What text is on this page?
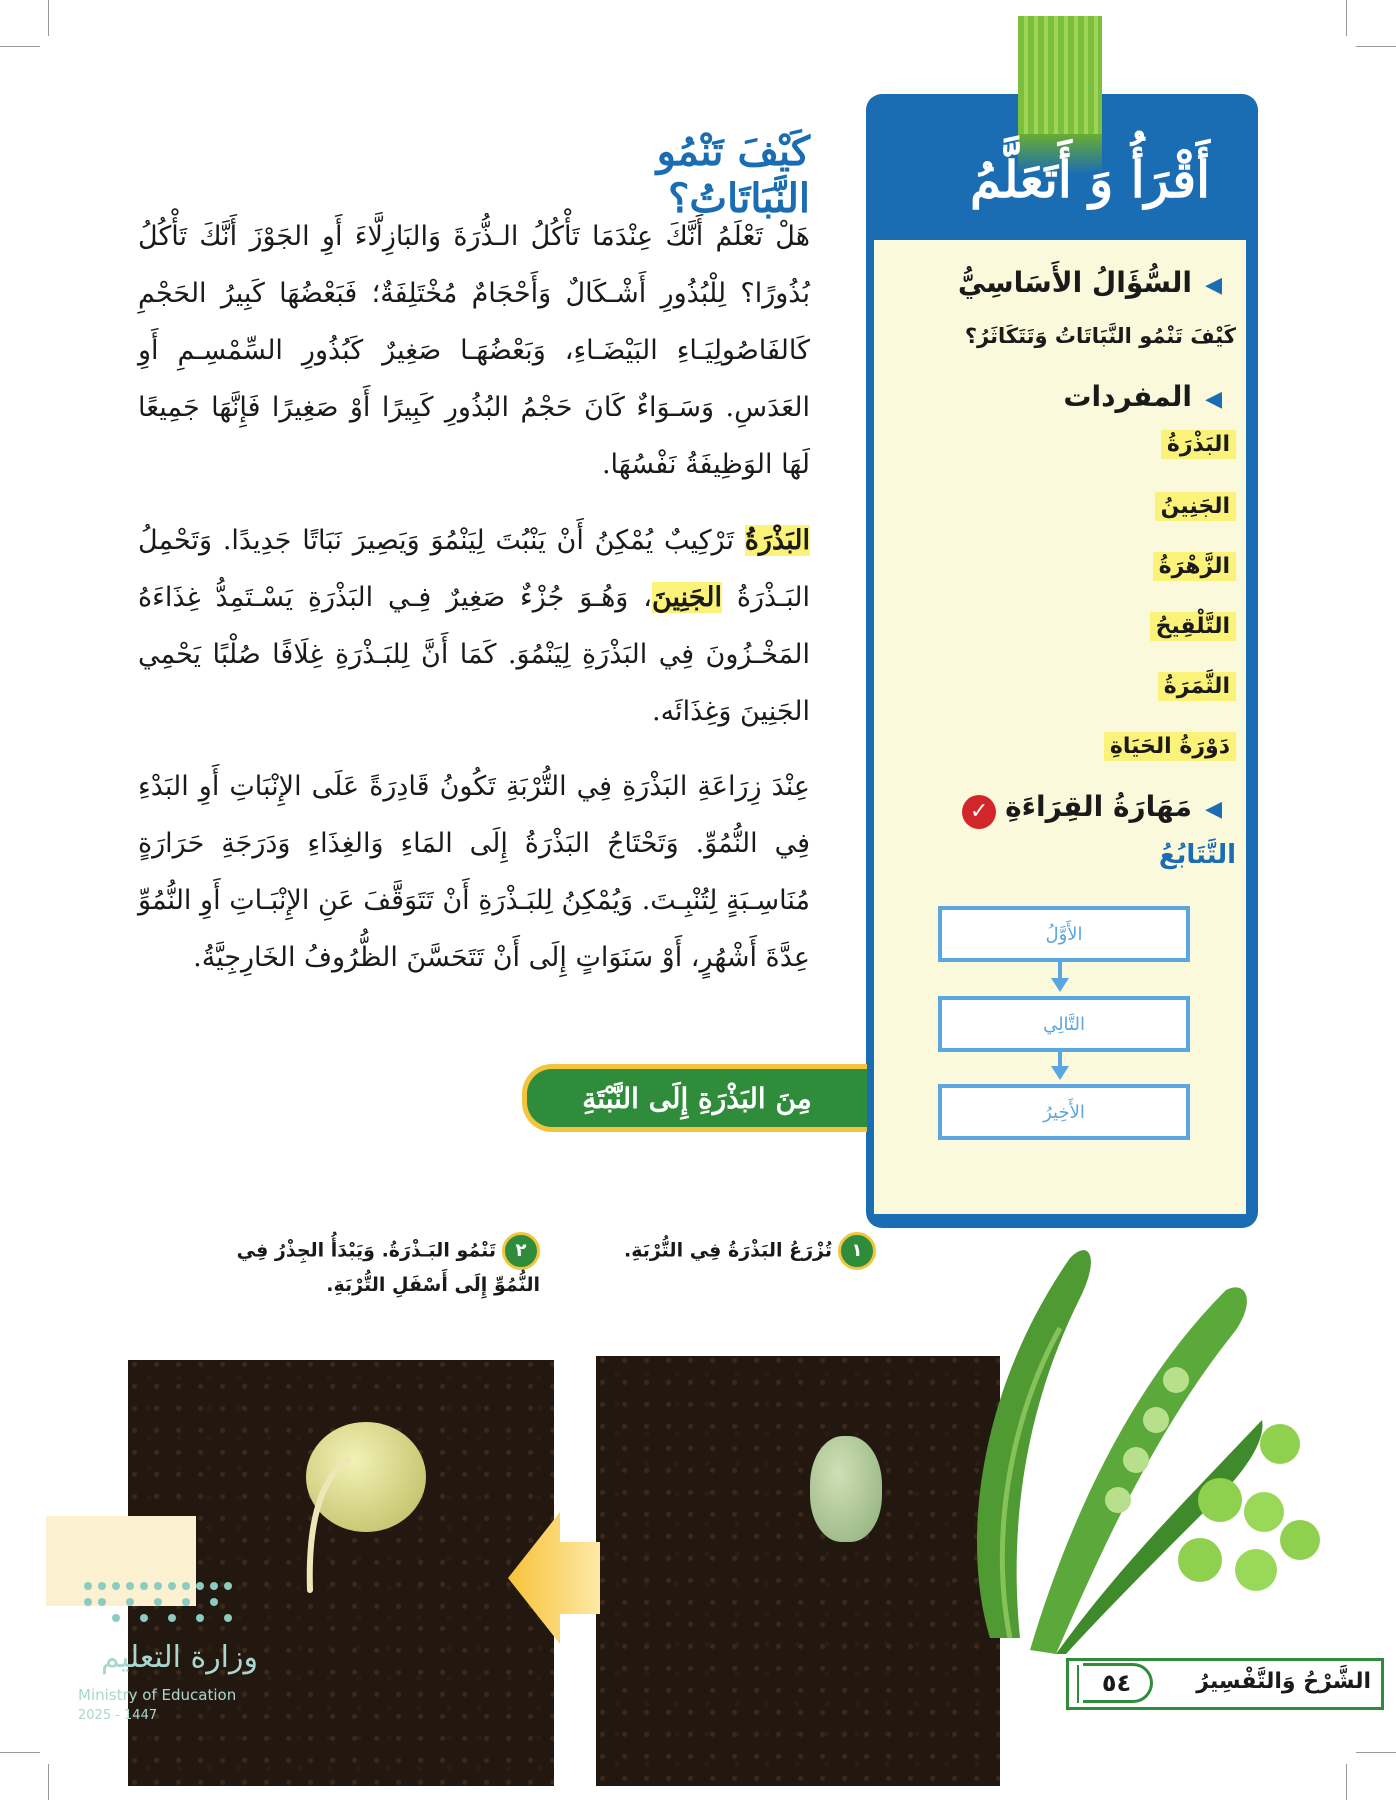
أَقْرَأُ وَ أَتَعَلَّمُ
◀ السُّؤَالُ الأَسَاسِيُّ
كَيْفَ تَنْمُو النَّبَاتَاتُ وَتَتَكَاثَرُ؟
◀ المفردات
البَذْرَةُ
الجَنِينُ
الزَّهْرَةُ
التَّلْقِيحُ
الثَّمَرَةُ
دَوْرَةُ الحَيَاةِ
◀ مَهَارَةُ القِرَاءَةِ ✓
التَّتَابُعُ
الأَوَّلُ
التَّالِي
الأَخِيرُ
كَيْفَ تَنْمُو النَّبَاتَاتُ؟
هَلْ تَعْلَمُ أَنَّكَ عِنْدَمَا تَأْكُلُ الـذُّرَةَ وَالبَازِلَّاءَ أَوِ الجَوْزَ أَنَّكَ تَأْكُلُ بُذُورًا؟ لِلْبُذُورِ أَشْـكَالٌ وَأَحْجَامٌ مُخْتَلِفَةٌ؛ فَبَعْضُهَا كَبِيرُ الحَجْمِ كَالفَاصُولِيَـاءِ البَيْضَـاءِ، وَبَعْضُهَـا صَغِيرٌ كَبُذُورِ السِّمْسِـمِ أَوِ العَدَسِ. وَسَـوَاءٌ كَانَ حَجْمُ البُذُورِ كَبِيرًا أَوْ صَغِيرًا فَإِنَّهَا جَمِيعًا لَهَا الوَظِيفَةُ نَفْسُهَا.
البَذْرَةُ تَرْكِيبٌ يُمْكِنُ أَنْ يَنْبُتَ لِيَنْمُوَ وَيَصِيرَ نَبَاتًا جَدِيدًا. وَتَحْمِلُ البَـذْرَةُ الجَنِينَ، وَهُـوَ جُزْءٌ صَغِيرٌ فِـي البَذْرَةِ يَسْـتَمِدُّ غِذَاءَهُ المَخْـزُونَ فِي البَذْرَةِ لِيَنْمُوَ. كَمَا أَنَّ لِلبَـذْرَةِ غِلَافًا صُلْبًا يَحْمِي الجَنِينَ وَغِذَائَه.
عِنْدَ زِرَاعَةِ البَذْرَةِ فِي التُّرْبَةِ تَكُونُ قَادِرَةً عَلَى الإِنْبَاتِ أَوِ البَدْءِ فِي النُّمُوِّ. وَتَحْتَاجُ البَذْرَةُ إِلَى المَاءِ وَالغِذَاءِ وَدَرَجَةِ حَرَارَةٍ مُنَاسِـبَةٍ لِتُنْبِـتَ. وَيُمْكِنُ لِلبَـذْرَةِ أَنْ تَتَوَقَّفَ عَنِ الإِنْبَـاتِ أَوِ النُّمُوِّ عِدَّةَ أَشْهُرٍ، أَوْ سَنَوَاتٍ إِلَى أَنْ تَتَحَسَّنَ الظُّرُوفُ الخَارِجِيَّةُ.
مِنَ البَذْرَةِ إِلَى النَّبْتَةِ
١تُزْرَعُ البَذْرَةُ فِي التُّرْبَةِ.
٢تَنْمُو البَـذْرَةُ. وَيَبْدَأُ الجِذْرُ فِي النُّمُوِّ إِلَى أَسْفَلِ التُّرْبَةِ.
الشَّرْحُ وَالتَّفْسِيرُ
٥٤
وزارة التعليم
Ministry of Education
2025 - 1447
